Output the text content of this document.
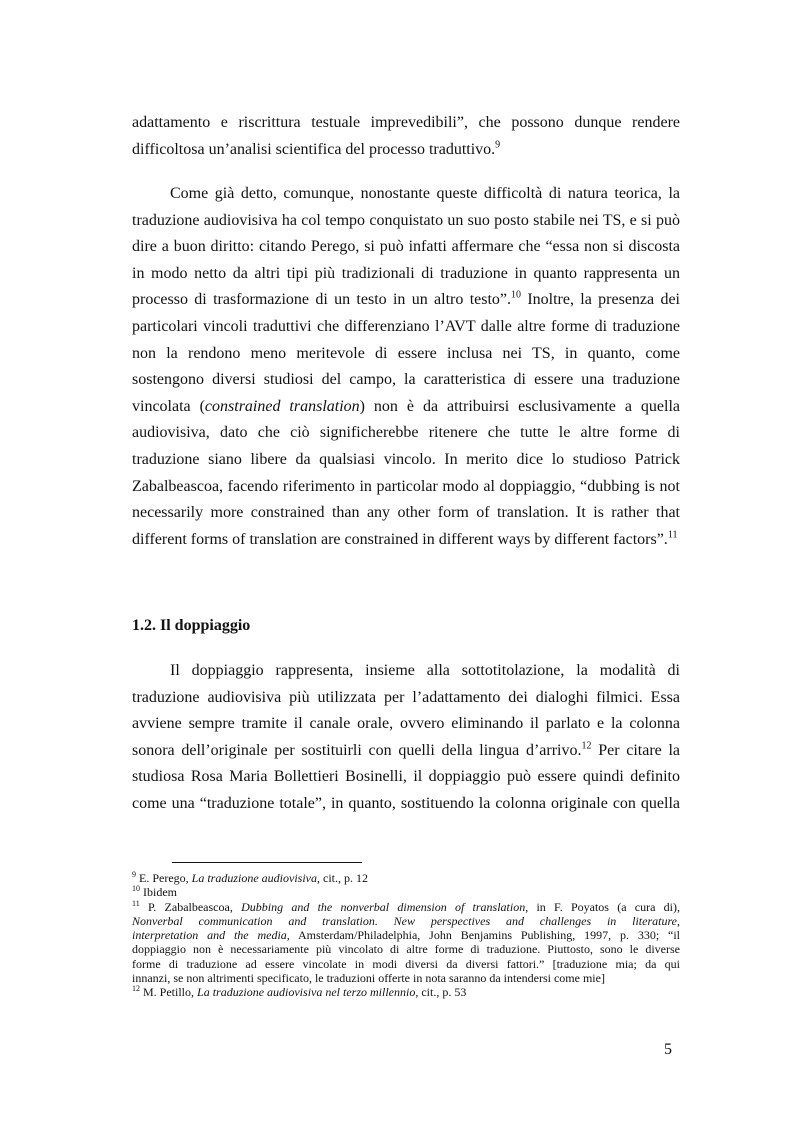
adattamento e riscrittura testuale imprevedibili”, che possono dunque rendere
difficoltosa un’analisi scientifica del processo traduttivo.$^9$
Come già detto, comunque, nonostante queste difficoltà di natura teorica, la
traduzione audiovisiva ha col tempo conquistato un suo posto stabile nei TS, e si può
dire a buon diritto: citando Perego, si può infatti affermare che “essa non si discosta
in modo netto da altri tipi più tradizionali di traduzione in quanto rappresenta un
processo di trasformazione di un testo in un altro testo”.$^{10}$ Inoltre, la presenza dei
particolari vincoli traduttivi che differenziano l’AVT dalle altre forme di traduzione
non la rendono meno meritevole di essere inclusa nei TS, in quanto, come
sostengono diversi studiosi del campo, la caratteristica di essere una traduzione
vincolata (constrained translation) non è da attribuirsi esclusivamente a quella
audiovisiva, dato che ciò significherebbe ritenere che tutte le altre forme di
traduzione siano libere da qualsiasi vincolo. In merito dice lo studioso Patrick
Zabalbeascoa, facendo riferimento in particolar modo al doppiaggio, “dubbing is not
necessarily more constrained than any other form of translation. It is rather that
different forms of translation are constrained in different ways by different factors”.$^{11}$
1.2. Il doppiaggio
Il doppiaggio rappresenta, insieme alla sottotitolazione, la modalità di
traduzione audiovisiva più utilizzata per l’adattamento dei dialoghi filmici. Essa
avviene sempre tramite il canale orale, ovvero eliminando il parlato e la colonna
sonora dell’originale per sostituirli con quelli della lingua d’arrivo.$^{12}$ Per citare la
studiosa Rosa Maria Bollettieri Bosinelli, il doppiaggio può essere quindi definito
come una “traduzione totale”, in quanto, sostituendo la colonna originale con quella
$^9$ E. Perego, La traduzione audiovisiva, cit., p. 12
$^{10}$ Ibidem
$^{11}$ P. Zabalbeascoa, Dubbing and the nonverbal dimension of translation, in F. Poyatos (a cura di),
Nonverbal communication and translation. New perspectives and challenges in literature,
interpretation and the media, Amsterdam/Philadelphia, John Benjamins Publishing, 1997, p. 330; “il
doppiaggio non è necessariamente più vincolato di altre forme di traduzione. Piuttosto, sono le diverse
forme di traduzione ad essere vincolate in modi diversi da diversi fattori.” [traduzione mia; da qui
innanzi, se non altrimenti specificato, le traduzioni offerte in nota saranno da intendersi come mie]
$^{12}$ M. Petillo, La traduzione audiovisiva nel terzo millennio, cit., p. 53
5
